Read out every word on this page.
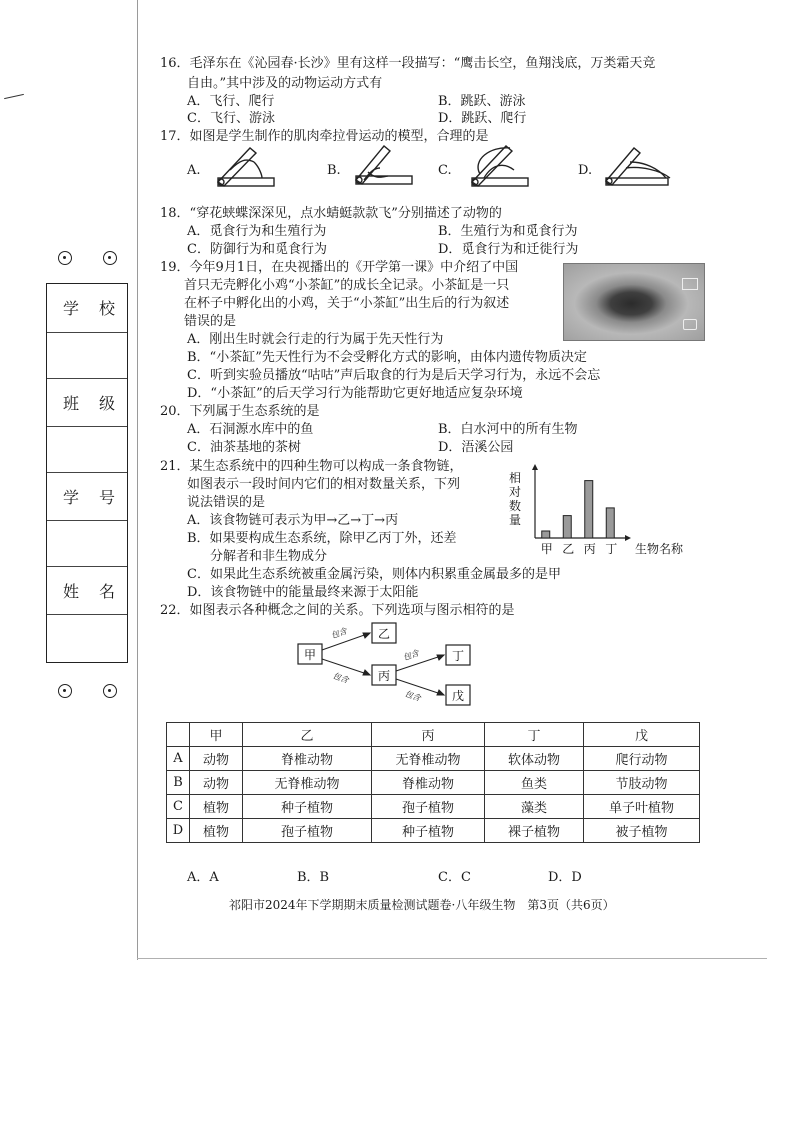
学　校
班　级
学　号
姓　名
16．毛泽东在《沁园春·长沙》里有这样一段描写：“鹰击长空，鱼翔浅底，万类霜天竞
自由。”其中涉及的动物运动方式有
A．飞行、爬行	B．跳跃、游泳
C．飞行、游泳	D．跳跃、爬行
17．如图是学生制作的肌肉牵拉骨运动的模型，合理的是
A.	B.	C.	D.
18．“穿花蛱蝶深深见，点水蜻蜓款款飞”分别描述了动物的
A．觅食行为和生殖行为	B．生殖行为和觅食行为
C．防御行为和觅食行为	D．觅食行为和迁徙行为
19．今年9月1日，在央视播出的《开学第一课》中介绍了中国
首只无壳孵化小鸡“小茶缸”的成长全记录。小茶缸是一只
在杯子中孵化出的小鸡，关于“小茶缸”出生后的行为叙述
错误的是
A．刚出生时就会行走的行为属于先天性行为
B．“小茶缸”先天性行为不会受孵化方式的影响，由体内遗传物质决定
C．听到实验员播放“咕咕”声后取食的行为是后天学习行为，永远不会忘
D．“小茶缸”的后天学习行为能帮助它更好地适应复杂环境
20．下列属于生态系统的是
A．石洞源水库中的鱼	B．白水河中的所有生物
C．油茶基地的茶树	D．浯溪公园
21．某生态系统中的四种生物可以构成一条食物链，
如图表示一段时间内它们的相对数量关系，下列
说法错误的是
A．该食物链可表示为甲→乙→丁→丙
B．如果要构成生态系统，除甲乙丙丁外，还差
分解者和非生物成分
C．如果此生态系统被重金属污染，则体内积累重金属最多的是甲
D．该食物链中的能量最终来源于太阳能
甲 乙 丙 丁
相
对
数
量
生物名称
22．如图表示各种概念之间的关系。下列选项与图示相符的是
甲
乙
丙
丁
戊
包含
包含
包含
包含
	甲	乙	丙	丁	戊
A	动物	脊椎动物	无脊椎动物	软体动物	爬行动物
B	动物	无脊椎动物	脊椎动物	鱼类	节肢动物
C	植物	种子植物	孢子植物	藻类	单子叶植物
D	植物	孢子植物	种子植物	裸子植物	被子植物
A．A	B．B	C．C	D．D
祁阳市2024年下学期期末质量检测试题卷·八年级生物　第3页（共6页）
